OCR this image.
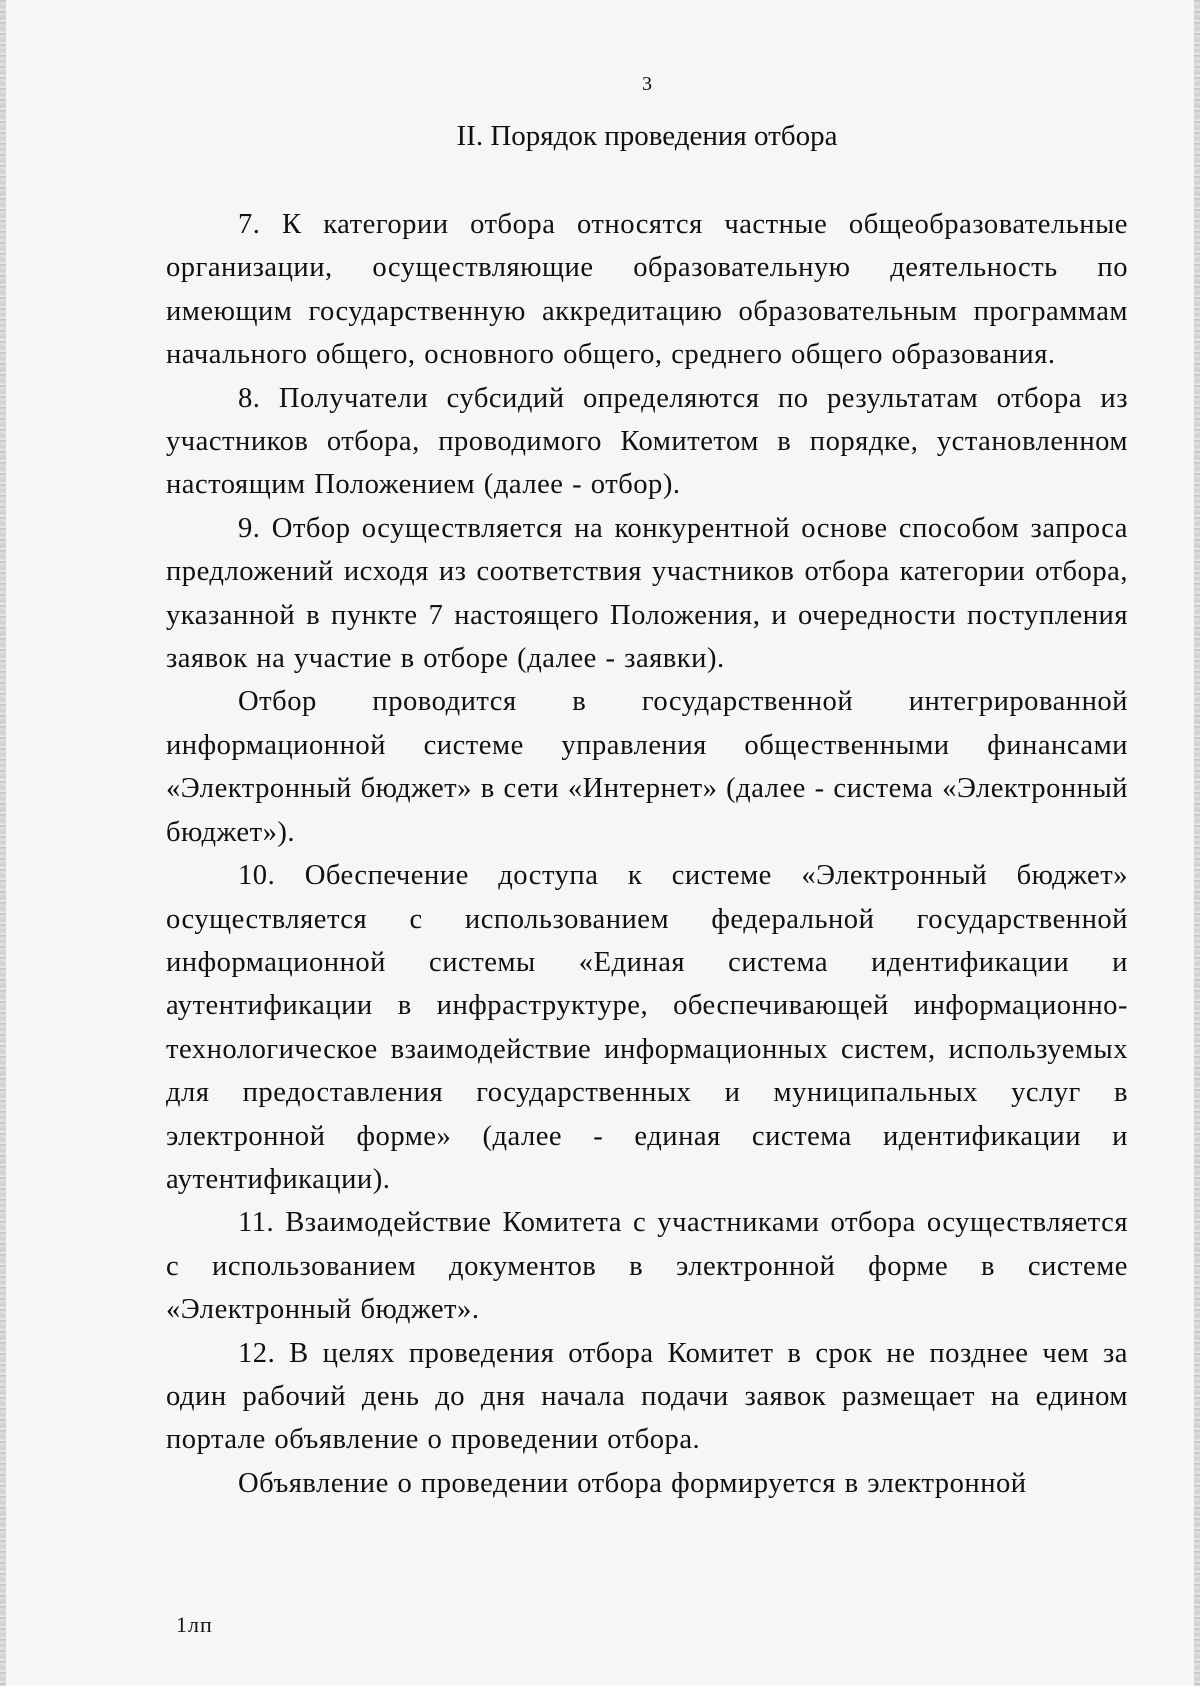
3
II. Порядок проведения отбора

7. К категории отбора относятся частные общеобразовательные организации, осуществляющие образовательную деятельность по имеющим государственную аккредитацию образовательным программам начального общего, основного общего, среднего общего образования.

8. Получатели субсидий определяются по результатам отбора из участников отбора, проводимого Комитетом в порядке, установленном настоящим Положением (далее - отбор).

9. Отбор осуществляется на конкурентной основе способом запроса предложений исходя из соответствия участников отбора категории отбора, указанной в пункте 7 настоящего Положения, и очередности поступления заявок на участие в отборе (далее - заявки).

Отбор проводится в государственной интегрированной информационной системе управления общественными финансами «Электронный бюджет» в сети «Интернет» (далее - система «Электронный бюджет»).

10. Обеспечение доступа к системе «Электронный бюджет» осуществляется с использованием федеральной государственной информационной системы «Единая система идентификации и аутентификации в инфраструктуре, обеспечивающей информационно-технологическое взаимодействие информационных систем, используемых для предоставления государственных и муниципальных услуг в электронной форме» (далее - единая система идентификации и аутентификации).

11. Взаимодействие Комитета с участниками отбора осуществляется с использованием документов в электронной форме в системе «Электронный бюджет».

12. В целях проведения отбора Комитет в срок не позднее чем за один рабочий день до дня начала подачи заявок размещает на едином портале объявление о проведении отбора.

Объявление о проведении отбора формируется в электронной

1лп
